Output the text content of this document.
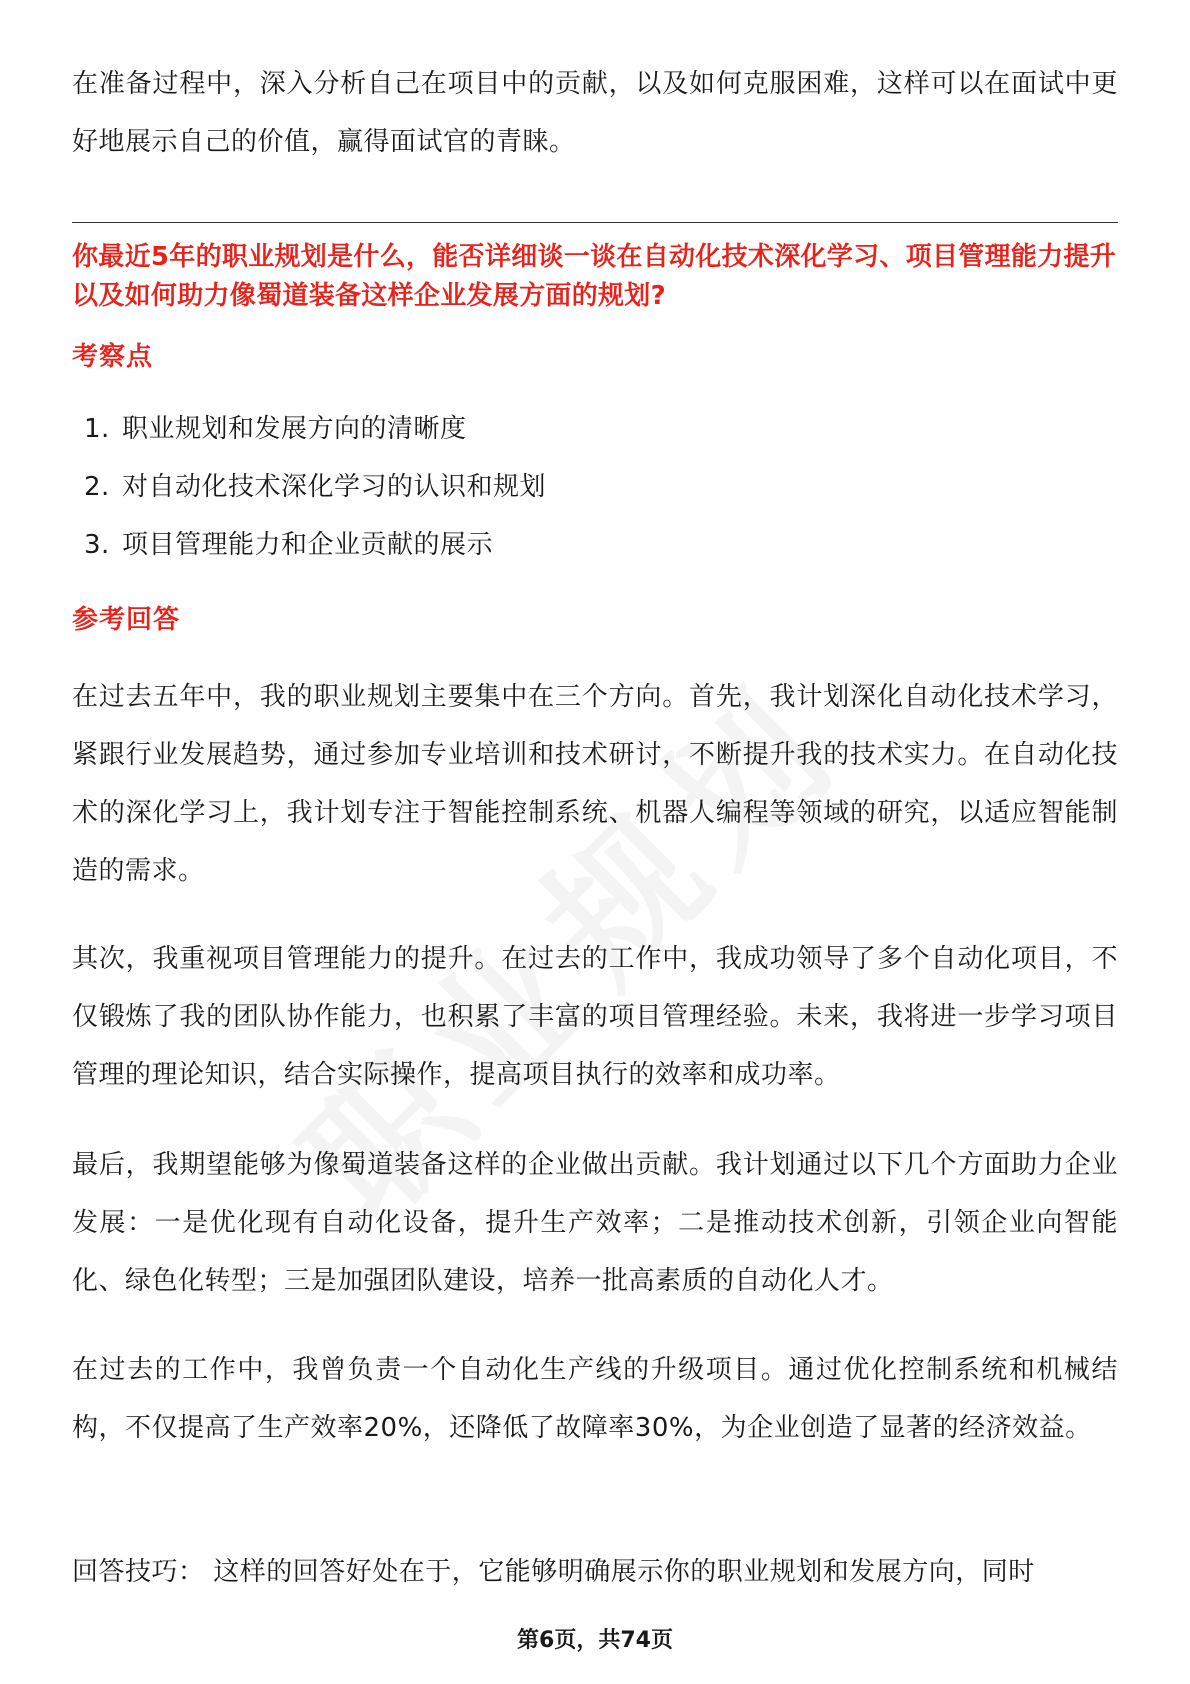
在准备过程中，深入分析自己在项目中的贡献，以及如何克服困难，这样可以在面试中更好地展示自己的价值，赢得面试官的青睐。

你最近5年的职业规划是什么，能否详细谈一谈在自动化技术深化学习、项目管理能力提升以及如何助力像蜀道装备这样企业发展方面的规划?

考察点
1. 职业规划和发展方向的清晰度
2. 对自动化技术深化学习的认识和规划
3. 项目管理能力和企业贡献的展示
参考回答

在过去五年中，我的职业规划主要集中在三个方向。首先，我计划深化自动化技术学习，紧跟行业发展趋势，通过参加专业培训和技术研讨，不断提升我的技术实力。在自动化技术的深化学习上，我计划专注于智能控制系统、机器人编程等领域的研究，以适应智能制造的需求。

其次，我重视项目管理能力的提升。在过去的工作中，我成功领导了多个自动化项目，不仅锻炼了我的团队协作能力，也积累了丰富的项目管理经验。未来，我将进一步学习项目管理的理论知识，结合实际操作，提高项目执行的效率和成功率。

最后，我期望能够为像蜀道装备这样的企业做出贡献。我计划通过以下几个方面助力企业发展：一是优化现有自动化设备，提升生产效率；二是推动技术创新，引领企业向智能化、绿色化转型；三是加强团队建设，培养一批高素质的自动化人才。

在过去的工作中，我曾负责一个自动化生产线的升级项目。通过优化控制系统和机械结构，不仅提高了生产效率20%，还降低了故障率30%，为企业创造了显著的经济效益。

回答技巧： 这样的回答好处在于，它能够明确展示你的职业规划和发展方向，同时

第6页，共74页
